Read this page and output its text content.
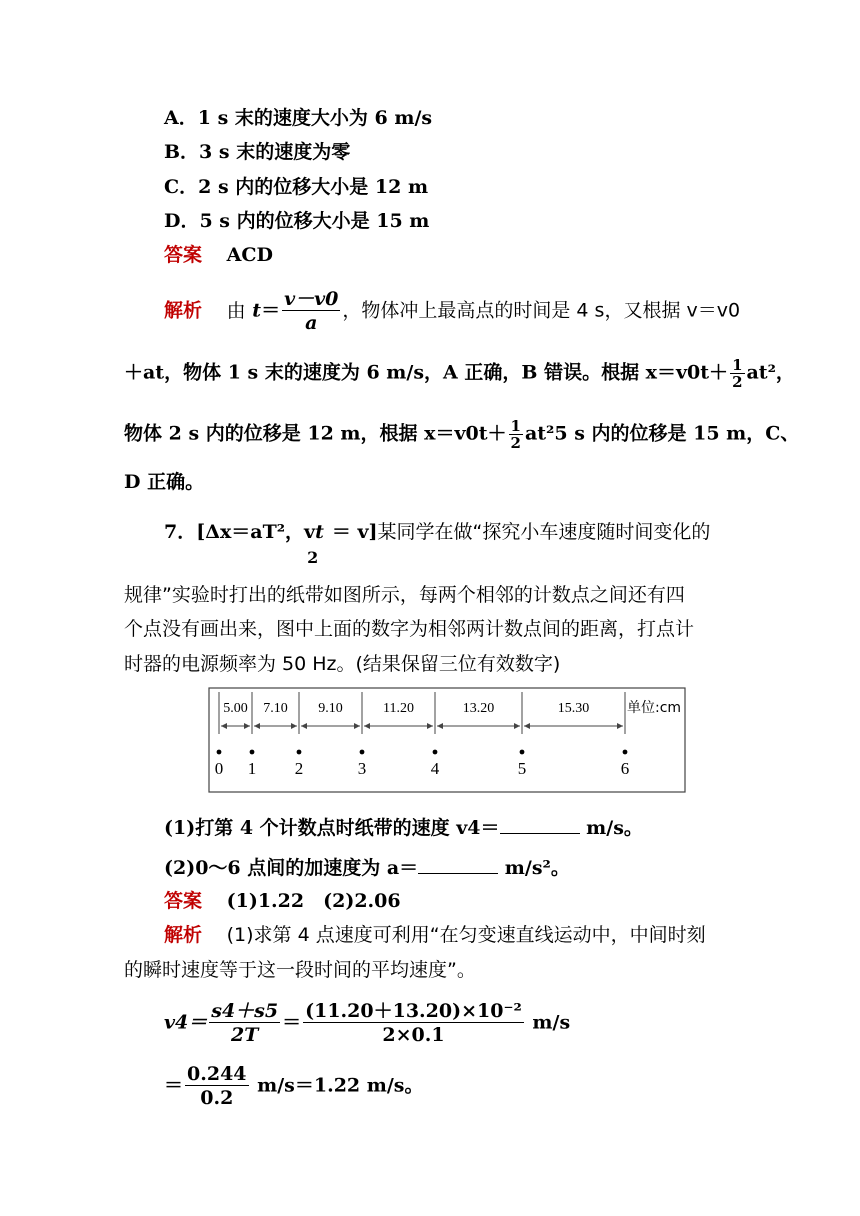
A．1 s 末的速度大小为 6 m/s
B．3 s 末的速度为零
C．2 s 内的位移大小是 12 m
D．5 s 内的位移大小是 15 m
答案 ACD
解析 由 $t= \frac{v-v0}{a}$ ，物体冲上最高点的时间是 4 s，又根据 v＝v0
＋at，物体 1 s 末的速度为 6 m/s，A 正确，B 错误。根据 $x=v0t+ \frac{1}{2} at^2$，
物体 2 s 内的位移是 12 m，根据 $x=v0t+ \frac{1}{2} at^25$ s 内的位移是 15 m，C、
D 正确。
7．[Δx＝aT²，vt
2
＝ v]某同学在做“探究小车速度随时间变化的
规律”实验时打出的纸带如图所示，每两个相邻的计数点之间还有四
个点没有画出来，图中上面的数字为相邻两计数点间的距离，打点计
时器的电源频率为 50 Hz。(结果保留三位有效数字)
0 1 2	3	4	5	6
5.00 7.10 9.10	11.20	13.20	15.30	单位:cm
(1)打第 4 个计数点时纸带的速度 v4＝	m/s。
(2)0～6 点间的加速度为 a＝	m/s²。
答案 (1)1.22　(2)2.06
解析 (1)求第 4 点速度可利用“在匀变速直线运动中，中间时刻
的瞬时速度等于这一段时间的平均速度”。
$v4= \frac{s4+s5}{2T} = \frac{\text{(11.20＋13.20)×10⁻²}}{2\times 0.1} m/s$
＝ $\frac{0.244}{0.2} m/s=1.22$ m/s。
